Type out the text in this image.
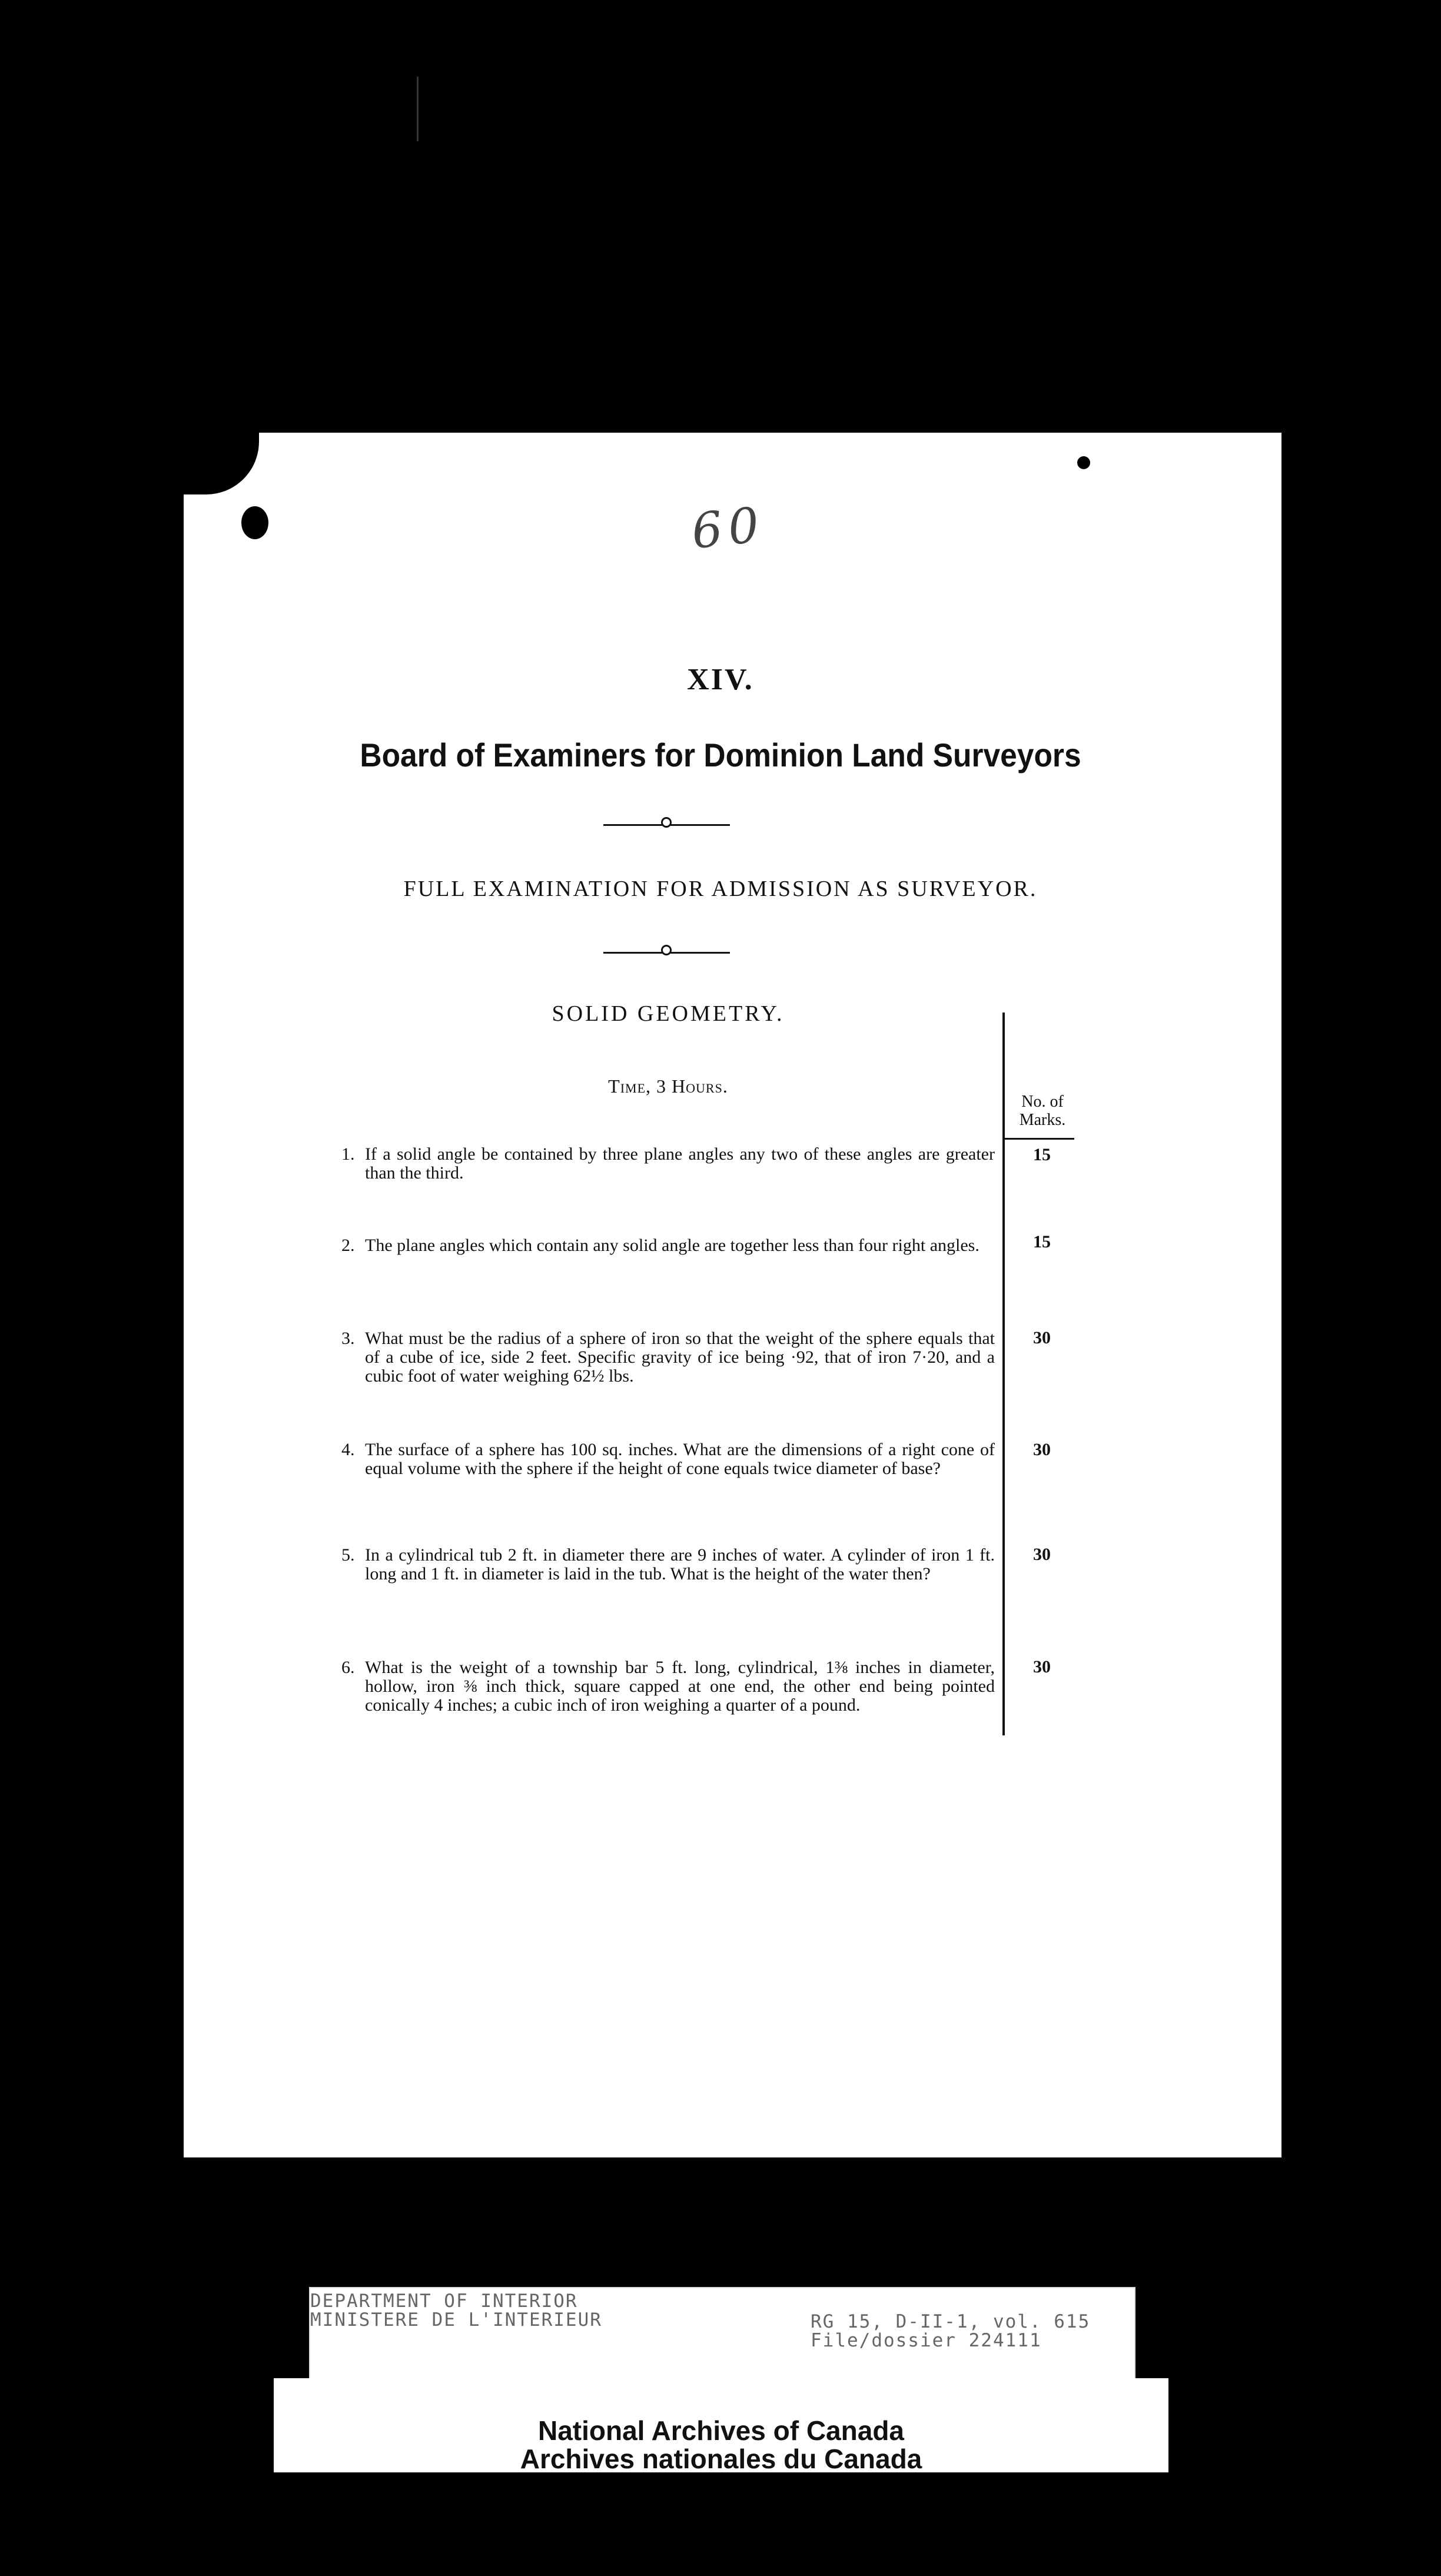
60
XIV.
Board of Examiners for Dominion Land Surveyors
FULL EXAMINATION FOR ADMISSION AS SURVEYOR.
SOLID GEOMETRY.
Time, 3 Hours.
No. of
Marks.
1. If a solid angle be contained by three plane angles any two of these angles are greater than the third.
15
2. The plane angles which contain any solid angle are together less than four right angles.	15
3. What must be the radius of a sphere of iron so that the weight of the sphere equals that of a cube of ice, side 2 feet. Specific gravity of ice being ·92, that of iron 7·20, and a cubic foot of water weighing 62½ lbs.
30
4. The surface of a sphere has 100 sq. inches. What are the dimensions of a right cone of equal volume with the sphere if the height of cone equals twice diameter of base?
30
5. In a cylindrical tub 2 ft. in diameter there are 9 inches of water. A cylinder of iron 1 ft. long and 1 ft. in diameter is laid in the tub. What is the height of the water then?
30
6. What is the weight of a township bar 5 ft. long, cylindrical, 1⅜ inches in diameter, hollow, iron ⅜ inch thick, square capped at one end, the other end being pointed conically 4 inches; a cubic inch of iron weighing a quarter of a pound.
30
DEPARTMENT OF INTERIOR
MINISTERE DE L'INTERIEUR	RG 15, D-II-1, vol. 615
File/dossier 224111
National Archives of Canada
Archives nationales du Canada
